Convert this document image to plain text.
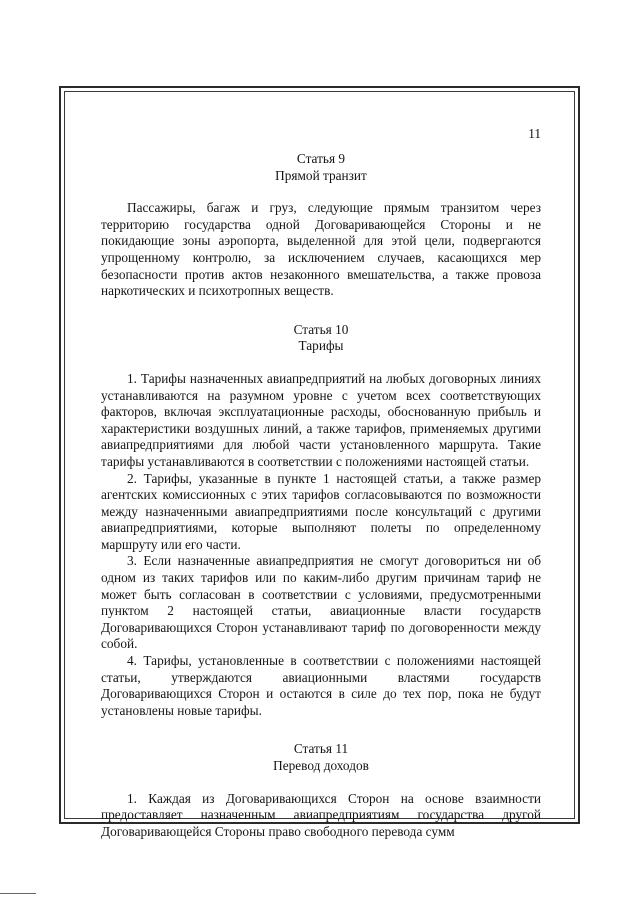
11

Статья 9
Прямой транзит

Пассажиры, багаж и груз, следующие прямым транзитом через территорию государства одной Договаривающейся Стороны и не покидающие зоны аэропорта, выделенной для этой цели, подвергаются упрощенному контролю, за исключением случаев, касающихся мер безопасности против актов незаконного вмешательства, а также провоза наркотических и психотропных веществ.

Статья 10
Тарифы

1. Тарифы назначенных авиапредприятий на любых договорных линиях устанавливаются на разумном уровне с учетом всех соответствующих факторов, включая эксплуатационные расходы, обоснованную прибыль и характеристики воздушных линий, а также тарифов, применяемых другими авиапредприятиями для любой части установленного маршрута. Такие тарифы устанавливаются в соответствии с положениями настоящей статьи.

2. Тарифы, указанные в пункте 1 настоящей статьи, а также размер агентских комиссионных с этих тарифов согласовываются по возможности между назначенными авиапредприятиями после консультаций с другими авиапредприятиями, которые выполняют полеты по определенному маршруту или его части.

3. Если назначенные авиапредприятия не смогут договориться ни об одном из таких тарифов или по каким-либо другим причинам тариф не может быть согласован в соответствии с условиями, предусмотренными пунктом 2 настоящей статьи, авиационные власти государств Договаривающихся Сторон устанавливают тариф по договоренности между собой.

4. Тарифы, установленные в соответствии с положениями настоящей статьи, утверждаются авиационными властями государств Договаривающихся Сторон и остаются в силе до тех пор, пока не будут установлены новые тарифы.

Статья 11
Перевод доходов

1. Каждая из Договаривающихся Сторон на основе взаимности предоставляет назначенным авиапредприятиям государства другой Договаривающейся Стороны право свободного перевода сумм
